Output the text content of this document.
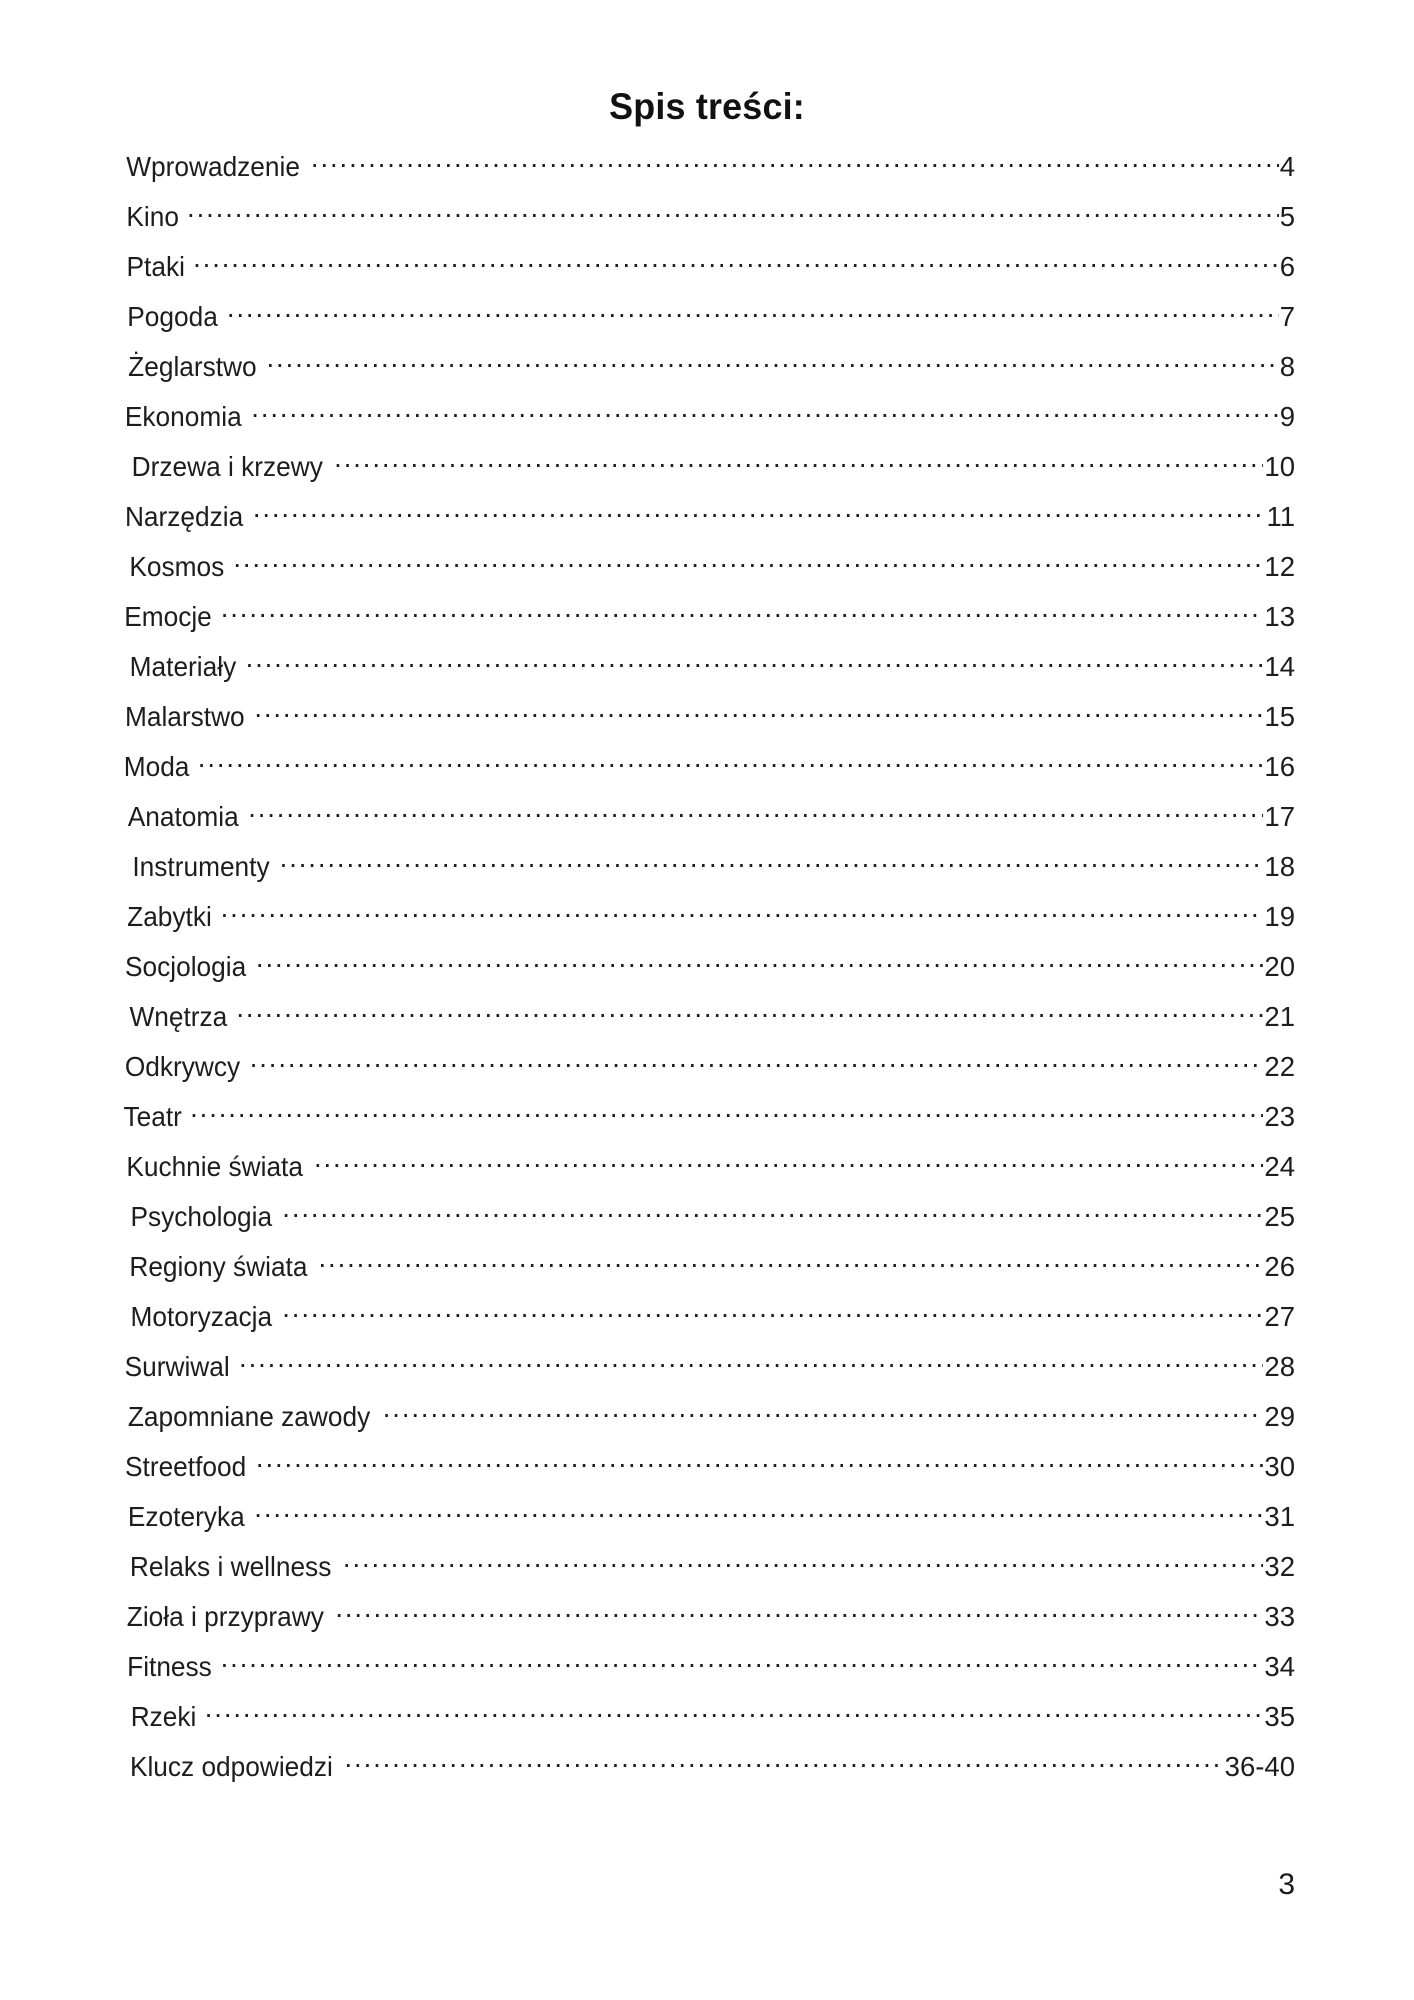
Spis treści:
Wprowadzenie .....	4
Kino .....	5
Ptaki .....	6
Pogoda .....	7
Żeglarstwo .....	8
Ekonomia .....	9
Drzewa i krzewy .....	10
Narzędzia .....	11
Kosmos .....	12
Emocje .....	13
Materiały .....	14
Malarstwo .....	15
Moda .....	16
Anatomia .....	17
Instrumenty .....	18
Zabytki .....	19
Socjologia .....	20
Wnętrza .....	21
Odkrywcy .....	22
Teatr .....	23
Kuchnie świata .....	24
Psychologia .....	25
Regiony świata .....	26
Motoryzacja .....	27
Surwiwal .....	28
Zapomniane zawody .....	29
Streetfood .....	30
Ezoteryka .....	31
Relaks i wellness .....	32
Zioła i przyprawy .....	33
Fitness .....	34
Rzeki .....	35
Klucz odpowiedzi .....	36-40
3
